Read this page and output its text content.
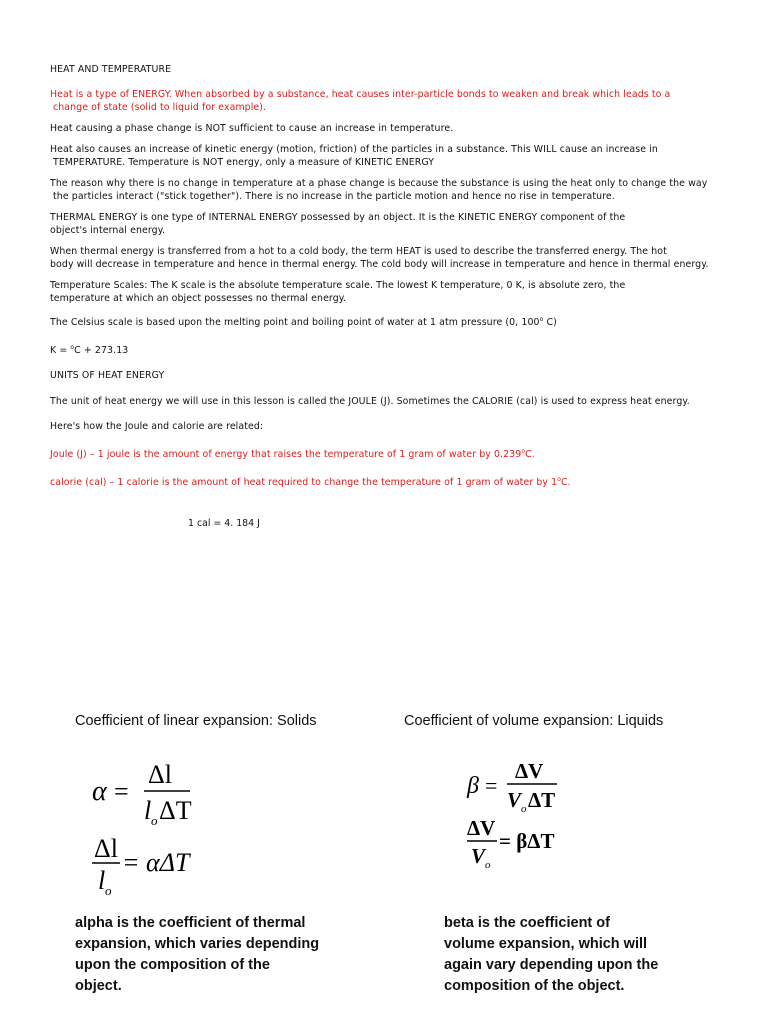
HEAT AND TEMPERATURE

Heat is a type of ENERGY. When absorbed by a substance, heat causes inter-particle bonds to weaken and break which leads to a

change of state (solid to liquid for example).

Heat causing a phase change is NOT sufficient to cause an increase in temperature.

Heat also causes an increase of kinetic energy (motion, friction) of the particles in a substance. This WILL cause an increase in

TEMPERATURE. Temperature is NOT energy, only a measure of KINETIC ENERGY

The reason why there is no change in temperature at a phase change is because the substance is using the heat only to change the way

the particles interact ("stick together"). There is no increase in the particle motion and hence no rise in temperature.

THERMAL ENERGY is one type of INTERNAL ENERGY possessed by an object. It is the KINETIC ENERGY component of the
object's internal energy.

When thermal energy is transferred from a hot to a cold body, the term HEAT is used to describe the transferred energy. The hot
body will decrease in temperature and hence in thermal energy. The cold body will increase in temperature and hence in thermal energy.

Temperature Scales: The K scale is the absolute temperature scale. The lowest K temperature, 0 K, is absolute zero, the
temperature at which an object possesses no thermal energy.

The Celsius scale is based upon the melting point and boiling point of water at 1 atm pressure (0, 100$^o$ C)

K = $^o$C + 273.13

UNITS OF HEAT ENERGY

The unit of heat energy we will use in this lesson is called the JOULE (J). Sometimes the CALORIE (cal) is used to express heat energy.

Here's how the Joule and calorie are related:

Joule (J) – 1 joule is the amount of energy that raises the temperature of 1 gram of water by 0.239$^o$C.

calorie (cal) – 1 calorie is the amount of heat required to change the temperature of 1 gram of water by 1$^o$C.

1 cal = 4. 184 J
Coefficient of linear expansion: Solids
α =
Δl
l o ΔT
Δl
l o
= αΔT
alpha is the coefficient of thermal
expansion, which varies depending
upon the composition of the
object.
Coefficient of volume expansion: Liquids
β =
ΔV
V o ΔT
ΔV
V o
= βΔT
beta is the coefficient of
volume expansion, which will
again vary depending upon the
composition of the object.
